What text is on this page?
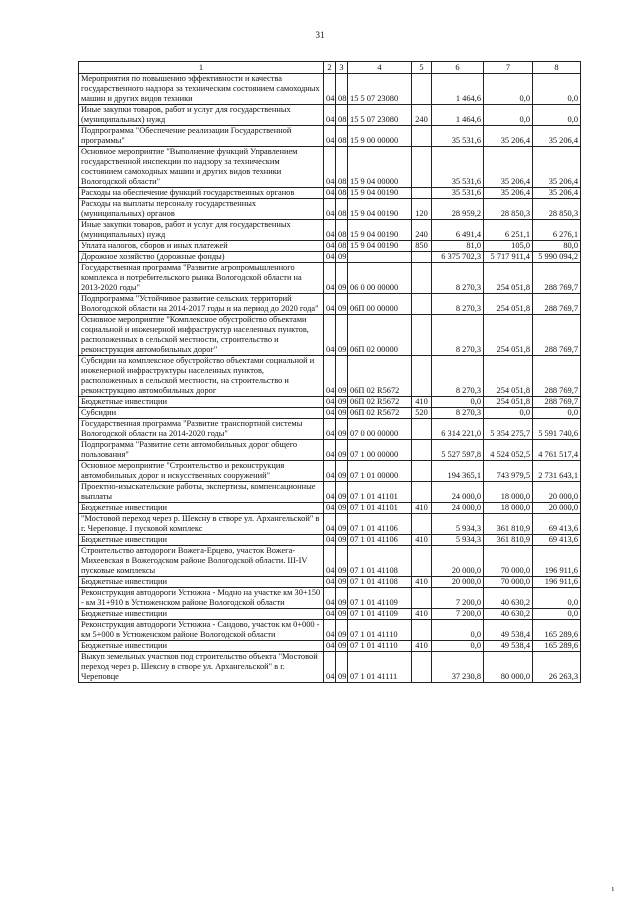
31
1	2	3	4	5	6	7	8
Мероприятия по повышению эффективности и качества государственного надзора за техническим состоянием самоходных машин и других видов техники	04	08	15 5 07 23080		1 464,6	0,0	0,0
Иные закупки товаров, работ и услуг для государственных (муниципальных) нужд	04	08	15 5 07 23080	240	1 464,6	0,0	0,0
Подпрограмма "Обеспечение реализации Государственной программы"	04	08	15 9 00 00000		35 531,6	35 206,4	35 206,4
Основное мероприятие "Выполнение функций Управлением государственной инспекции по надзору за техническим состоянием самоходных машин и других видов техники Вологодской области"	04	08	15 9 04 00000		35 531,6	35 206,4	35 206,4
Расходы на обеспечение функций государственных органов	04	08	15 9 04 00190		35 531,6	35 206,4	35 206,4
Расходы на выплаты персоналу государственных (муниципальных) органов	04	08	15 9 04 00190	120	28 959,2	28 850,3	28 850,3
Иные закупки товаров, работ и услуг для государственных (муниципальных) нужд	04	08	15 9 04 00190	240	6 491,4	6 251,1	6 276,1
Уплата налогов, сборов и иных платежей	04	08	15 9 04 00190	850	81,0	105,0	80,0
Дорожное хозяйство (дорожные фонды)	04	09			6 375 702,3	5 717 911,4	5 990 094,2
Государственная программа "Развитие агропромышленного комплекса и потребительского рынка Вологодской области на 2013-2020 годы"	04	09	06 0 00 00000		8 270,3	254 051,8	288 769,7
Подпрограмма "Устойчивое развитие сельских территорий Вологодской области на 2014-2017 годы и на период до 2020 года"	04	09	06П 00 00000		8 270,3	254 051,8	288 769,7
Основное мероприятие "Комплексное обустройство объектами социальной и инженерной инфраструктур населенных пунктов, расположенных в сельской местности, строительство и реконструкция автомобильных дорог"	04	09	06П 02 00000		8 270,3	254 051,8	288 769,7
Субсидии на комплексное обустройство объектами социальной и инженерной инфраструктуры населенных пунктов, расположенных в сельской местности, на строительство и реконструкцию автомобильных дорог	04	09	06П 02 R5672		8 270,3	254 051,8	288 769,7
Бюджетные инвестиции	04	09	06П 02 R5672	410	0,0	254 051,8	288 769,7
Субсидии	04	09	06П 02 R5672	520	8 270,3	0,0	0,0
Государственная программа "Развитие транспортной системы Вологодской области на 2014-2020 годы"	04	09	07 0 00 00000		6 314 221,0	5 354 275,7	5 591 740,6
Подпрограмма "Развитие сети автомобильных дорог общего пользования"	04	09	07 1 00 00000		5 527 597,8	4 524 052,5	4 761 517,4
Основное мероприятие "Строительство и реконструкция автомобильных дорог и искусственных сооружений"	04	09	07 1 01 00000		194 365,1	743 979,5	2 731 643,1
Проектно-изыскательские работы, экспертизы, компенсационные выплаты	04	09	07 1 01 41101		24 000,0	18 000,0	20 000,0
Бюджетные инвестиции	04	09	07 1 01 41101	410	24 000,0	18 000,0	20 000,0
"Мостовой переход через р. Шексну в створе ул. Архангельской" в г. Череповце. I пусковой комплекс	04	09	07 1 01 41106		5 934,3	361 810,9	69 413,6
Бюджетные инвестиции	04	09	07 1 01 41106	410	5 934,3	361 810,9	69 413,6
Строительство автодороги Вожега-Ерцево, участок Вожега-Михеевская в Вожегодском районе Вологодской области. III-IV пусковые комплексы	04	09	07 1 01 41108		20 000,0	70 000,0	196 911,6
Бюджетные инвестиции	04	09	07 1 01 41108	410	20 000,0	70 000,0	196 911,6
Реконструкция автодороги Устюжна - Модно на участке км 30+150 - км 31+910 в Устюженском районе Вологодской области	04	09	07 1 01 41109		7 200,0	40 630,2	0,0
Бюджетные инвестиции	04	09	07 1 01 41109	410	7 200,0	40 630,2	0,0
Реконструкция автодороги Устюжна - Сандово, участок км 0+000 - км 5+000 в Устюженском районе Вологодской области	04	09	07 1 01 41110		0,0	49 538,4	165 289,6
Бюджетные инвестиции	04	09	07 1 01 41110	410	0,0	49 538,4	165 289,6
Выкуп земельных участков под строительство объекта "Мостовой переход через р. Шексну в створе ул. Архангельской" в г. Череповце	04	09	07 1 01 41111		37 230,8	80 000,0	26 263,3
ı
